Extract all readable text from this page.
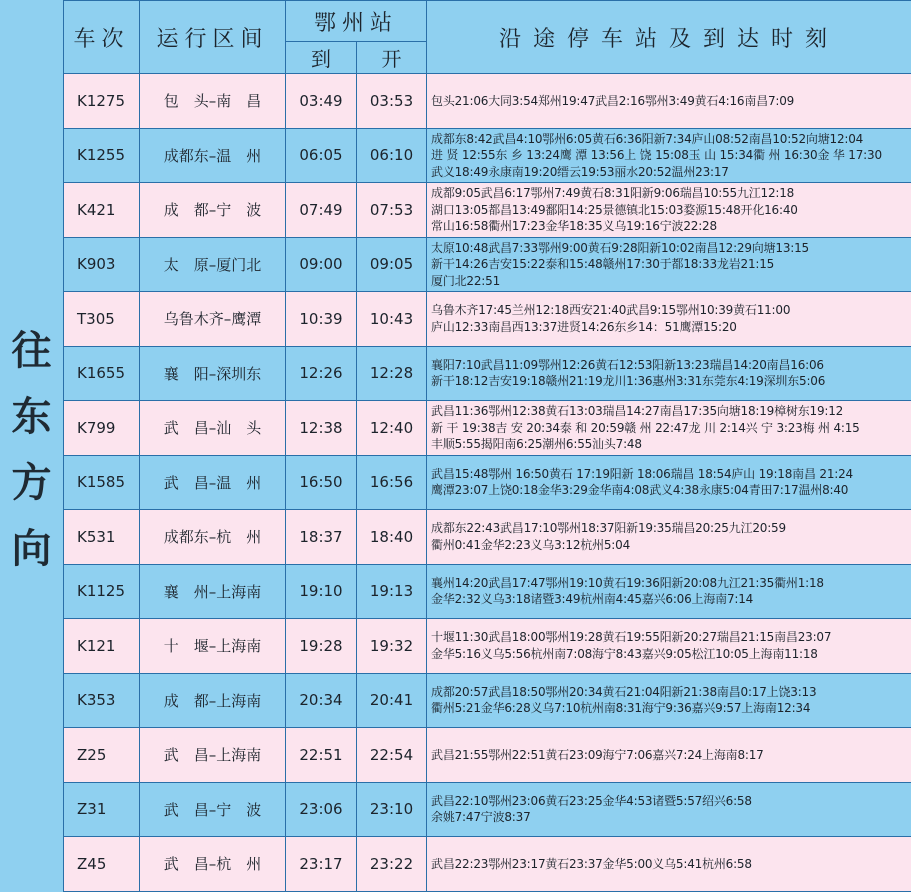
往
东
方
向
车次	运行区间	鄂州站		沿途停车站及到达时刻
		到	开	
K1275	包　头–南　昌	03:49	03:53	包头21:06大同3:54郑州19:47武昌2:16鄂州3:49黄石4:16南昌7:09
K1255	成都东–温　州	06:05	06:10	成都东8:42武昌4:10鄂州6:05黄石6:36阳新7:34庐山08:52南昌10:52向塘12:04
进 贤 12:55东 乡 13:24鹰 潭 13:56上 饶 15:08玉 山 15:34衢 州 16:30金 华 17:30
武义18:49永康南19:20缙云19:53丽水20:52温州23:17
K421	成　都–宁　波	07:49	07:53	成都9:05武昌6:17鄂州7:49黄石8:31阳新9:06瑞昌10:55九江12:18
湖口13:05都昌13:49鄱阳14:25景德镇北15:03婺源15:48开化16:40
常山16:58衢州17:23金华18:35义乌19:16宁波22:28
K903	太　原–厦门北	09:00	09:05	太原10:48武昌7:33鄂州9:00黄石9:28阳新10:02南昌12:29向塘13:15
新干14:26吉安15:22泰和15:48赣州17:30于都18:33龙岩21:15
厦门北22:51
T305	乌鲁木齐–鹰潭	10:39	10:43	乌鲁木齐17:45兰州12:18西安21:40武昌9:15鄂州10:39黄石11:00
庐山12:33南昌西13:37进贤14:26东乡14：51鹰潭15:20
K1655	襄　阳–深圳东	12:26	12:28	襄阳7:10武昌11:09鄂州12:26黄石12:53阳新13:23瑞昌14:20南昌16:06
新干18:12吉安19:18赣州21:19龙川1:36惠州3:31东莞东4:19深圳东5:06
K799	武　昌–汕　头	12:38	12:40	武昌11:36鄂州12:38黄石13:03瑞昌14:27南昌17:35向塘18:19樟树东19:12
新 干 19:38吉 安 20:34泰 和 20:59赣 州 22:47龙 川 2:14兴 宁 3:23梅 州 4:15
丰顺5:55揭阳南6:25潮州6:55汕头7:48
K1585	武　昌–温　州	16:50	16:56	武昌15:48鄂州 16:50黄石 17:19阳新 18:06瑞昌 18:54庐山 19:18南昌 21:24
鹰潭23:07上饶0:18金华3:29金华南4:08武义4:38永康5:04青田7:17温州8:40
K531	成都东–杭　州	18:37	18:40	成都东22:43武昌17:10鄂州18:37阳新19:35瑞昌20:25九江20:59
衢州0:41金华2:23义乌3:12杭州5:04
K1125	襄　州–上海南	19:10	19:13	襄州14:20武昌17:47鄂州19:10黄石19:36阳新20:08九江21:35衢州1:18
金华2:32义乌3:18诸暨3:49杭州南4:45嘉兴6:06上海南7:14
K121	十　堰–上海南	19:28	19:32	十堰11:30武昌18:00鄂州19:28黄石19:55阳新20:27瑞昌21:15南昌23:07
金华5:16义乌5:56杭州南7:08海宁8:43嘉兴9:05松江10:05上海南11:18
K353	成　都–上海南	20:34	20:41	成都20:57武昌18:50鄂州20:34黄石21:04阳新21:38南昌0:17上饶3:13
衢州5:21金华6:28义乌7:10杭州南8:31海宁9:36嘉兴9:57上海南12:34
Z25	武　昌–上海南	22:51	22:54	武昌21:55鄂州22:51黄石23:09海宁7:06嘉兴7:24上海南8:17
Z31	武　昌–宁　波	23:06	23:10	武昌22:10鄂州23:06黄石23:25金华4:53诸暨5:57绍兴6:58
余姚7:47宁波8:37
Z45	武　昌–杭　州	23:17	23:22	武昌22:23鄂州23:17黄石23:37金华5:00义乌5:41杭州6:58
